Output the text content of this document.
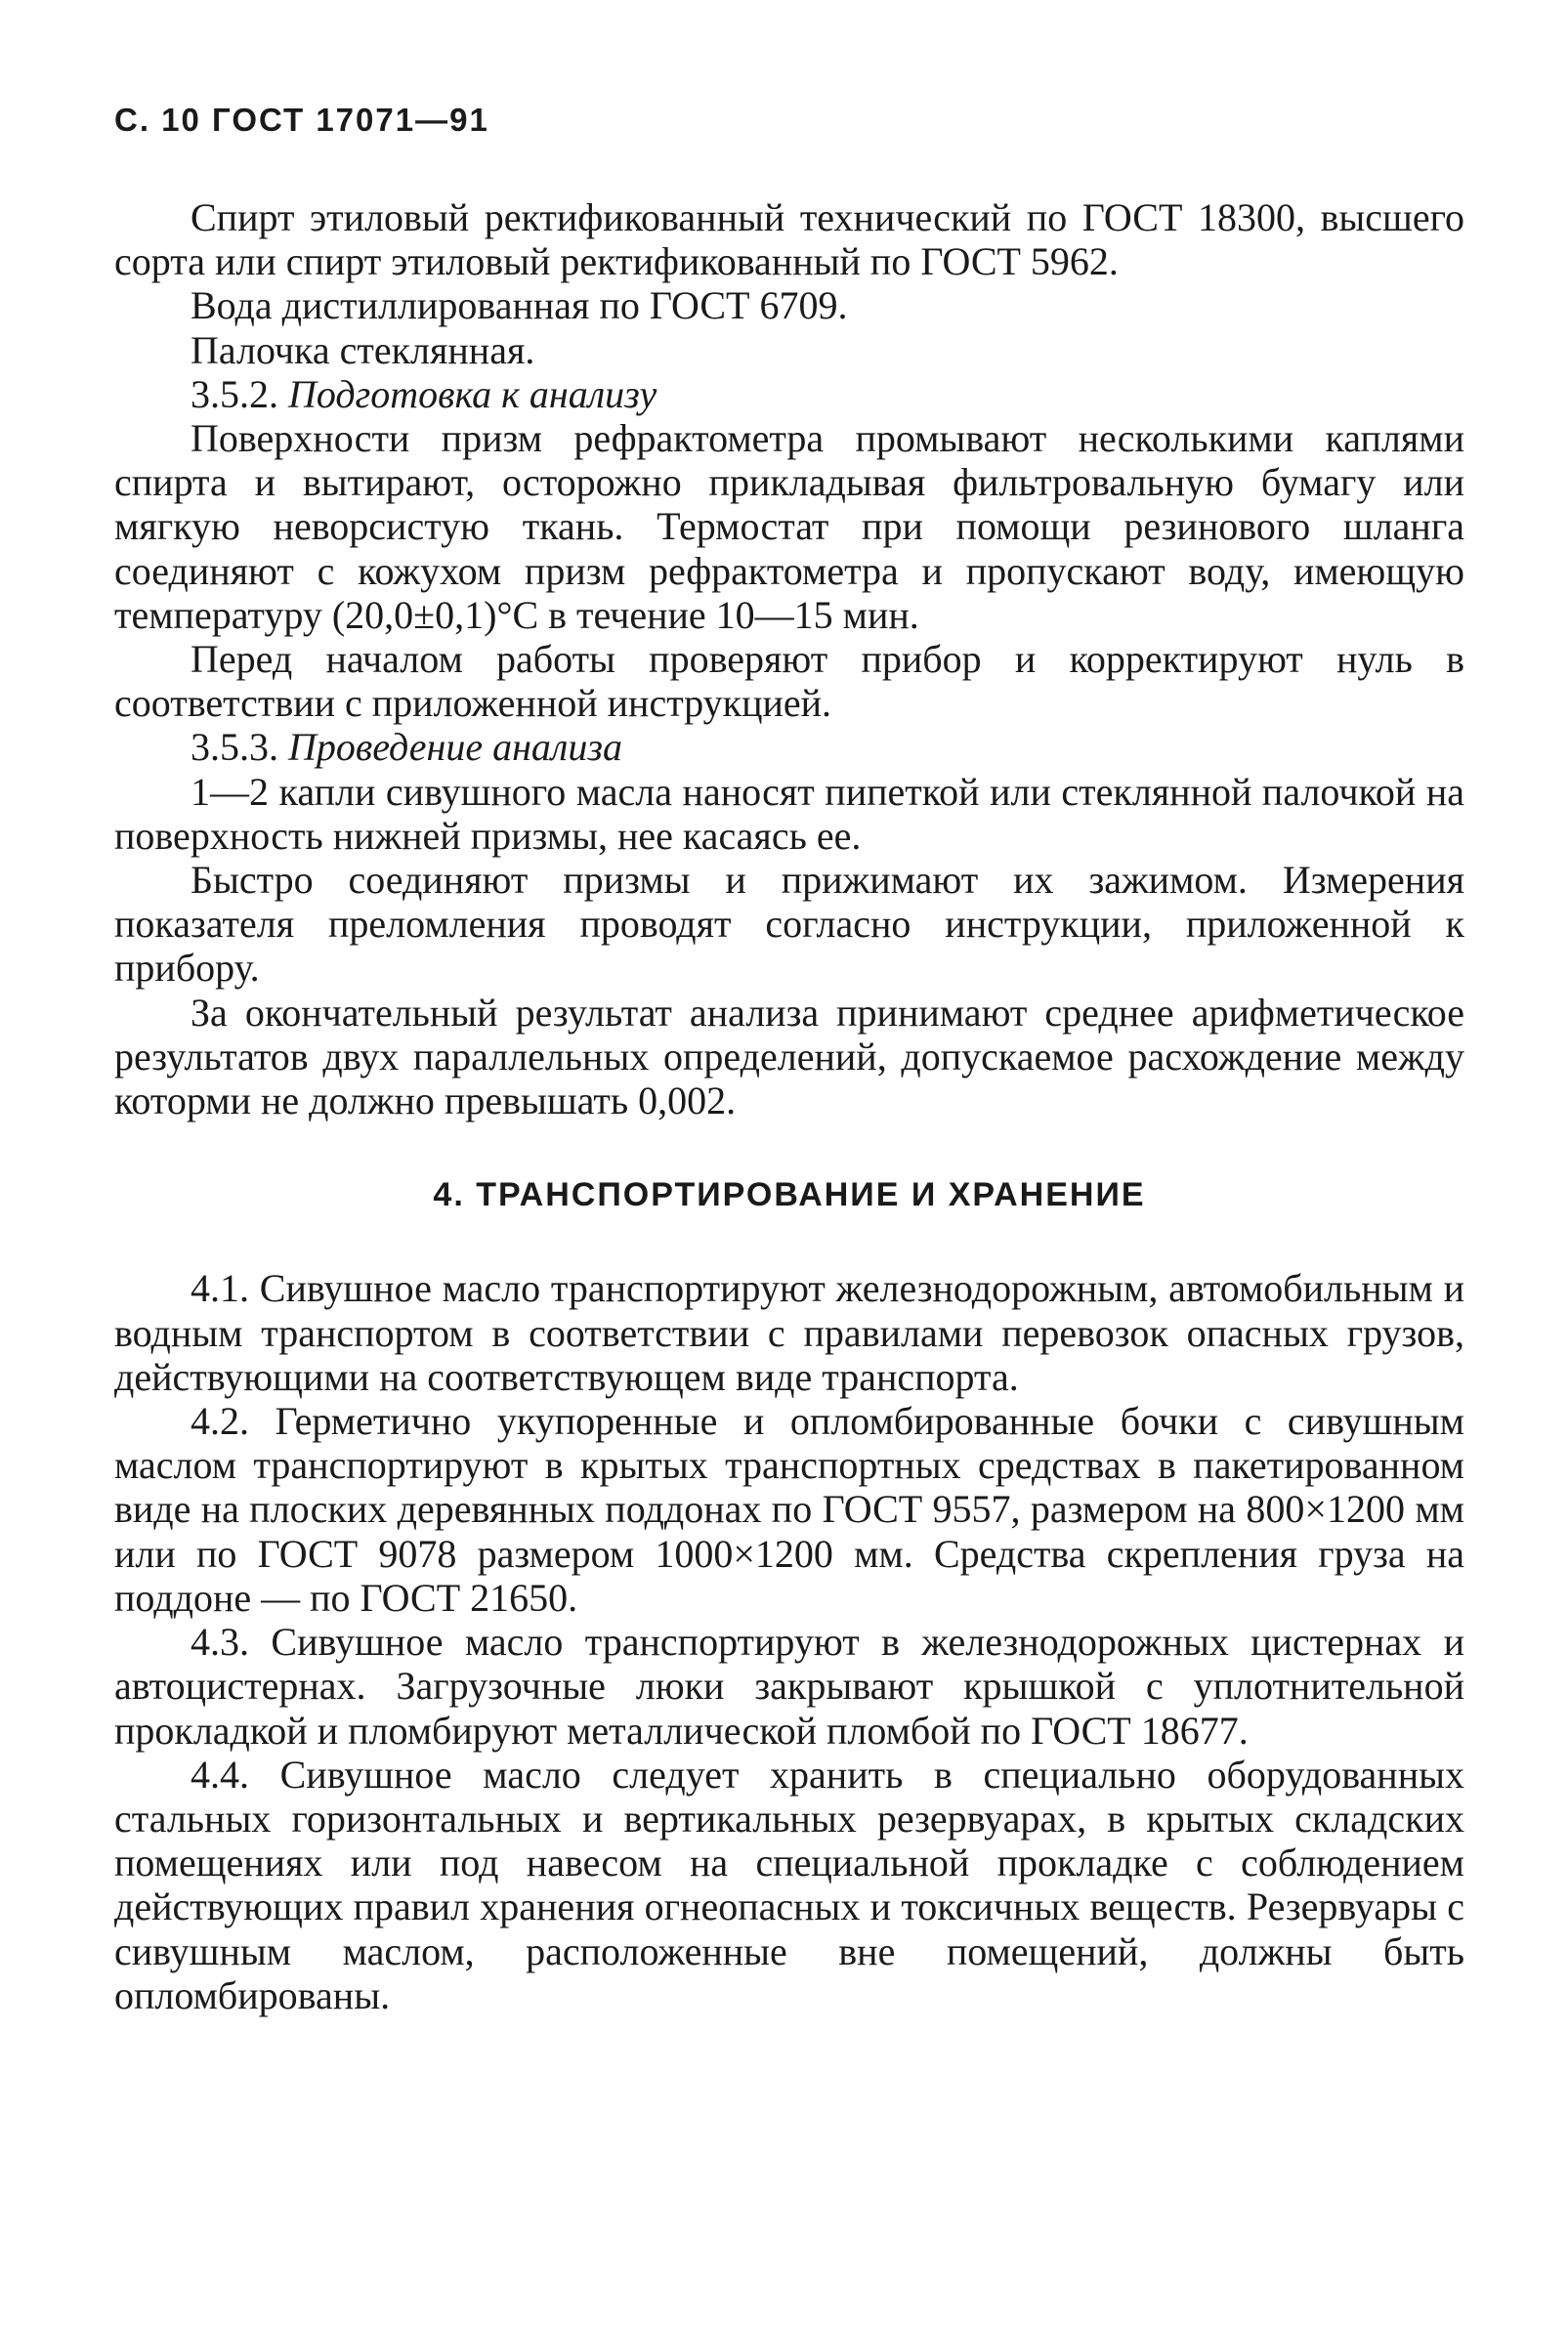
С. 10 ГОСТ 17071—91

Спирт этиловый ректификованный технический по ГОСТ 18300, высшего сорта или спирт этиловый ректификованный по ГОСТ 5962.

Вода дистиллированная по ГОСТ 6709.

Палочка стеклянная.

3.5.2. Подготовка к анализу

Поверхности призм рефрактометра промывают несколькими каплями спирта и вытирают, осторожно прикладывая фильтровальную бумагу или мягкую неворсистую ткань. Термостат при помощи резинового шланга соединяют с кожухом призм рефрактометра и пропускают воду, имеющую температуру (20,0±0,1)°С в течение 10—15 мин.

Перед началом работы проверяют прибор и корректируют нуль в соответствии с приложенной инструкцией.

3.5.3. Проведение анализа

1—2 капли сивушного масла наносят пипеткой или стеклянной палочкой на поверхность нижней призмы, нее касаясь ее.

Быстро соединяют призмы и прижимают их зажимом. Измерения показателя преломления проводят согласно инструкции, приложенной к прибору.

За окончательный результат анализа принимают среднее арифметическое результатов двух параллельных определений, допускаемое расхождение между которми не должно превышать 0,002.

4. ТРАНСПОРТИРОВАНИЕ И ХРАНЕНИЕ

4.1. Сивушное масло транспортируют железнодорожным, автомобильным и водным транспортом в соответствии с правилами перевозок опасных грузов, действующими на соответствующем виде транспорта.

4.2. Герметично укупоренные и опломбированные бочки с сивушным маслом транспортируют в крытых транспортных средствах в пакетированном виде на плоских деревянных поддонах по ГОСТ 9557, размером на 800×1200 мм или по ГОСТ 9078 размером 1000×1200 мм. Средства скрепления груза на поддоне — по ГОСТ 21650.

4.3. Сивушное масло транспортируют в железнодорожных цистернах и автоцистернах. Загрузочные люки закрывают крышкой с уплотнительной прокладкой и пломбируют металлической пломбой по ГОСТ 18677.

4.4. Сивушное масло следует хранить в специально оборудованных стальных горизонтальных и вертикальных резервуарах, в крытых складских помещениях или под навесом на специальной прокладке с соблюдением действующих правил хранения огнеопасных и токсичных веществ. Резервуары с сивушным маслом, расположенные вне помещений, должны быть опломбированы.
